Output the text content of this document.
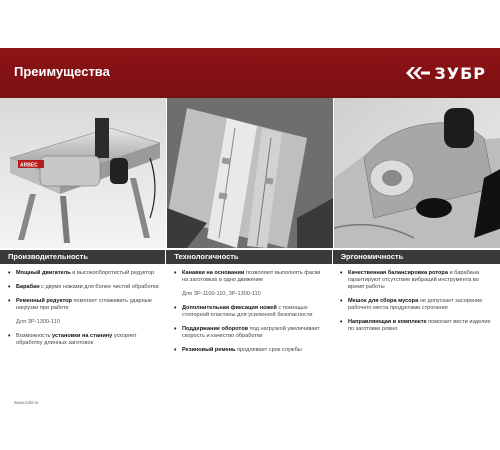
Преимущества	ЗУБР
ARBEC
Производительность	Технологичность	Эргономичность
• Мощный двигатель и высокооборотистый редуктор
• Барабан с двумя ножами для более чистой обработки
• Ременный редуктор помогает сглаживать ударные нагрузки при работе
Для ЗР-1300-110
• Возможность установки на станину ускоряет обработку длинных заготовок
• Канавки на основании позволяют выполнять фаски на заготовках в одно движение
Для ЗР-1100-110, ЗР-1300-110
• Дополнительная фиксация ножей с помощью стопорной пластины для усиленной безопасности
• Поддержание оборотов под нагрузкой увеличивает скорость и качество обработки
• Резиновый ремень продлевает срок службы
• Качественная балансировка ротора и барабана гарантируют отсутствие вибраций инструмента во время работы
• Мешок для сбора мусора не допускает засорение рабочего места продуктами строгания
• Направляющая в комплекте помогает вести изделие по заготовке ровно
www.zubr.ru
